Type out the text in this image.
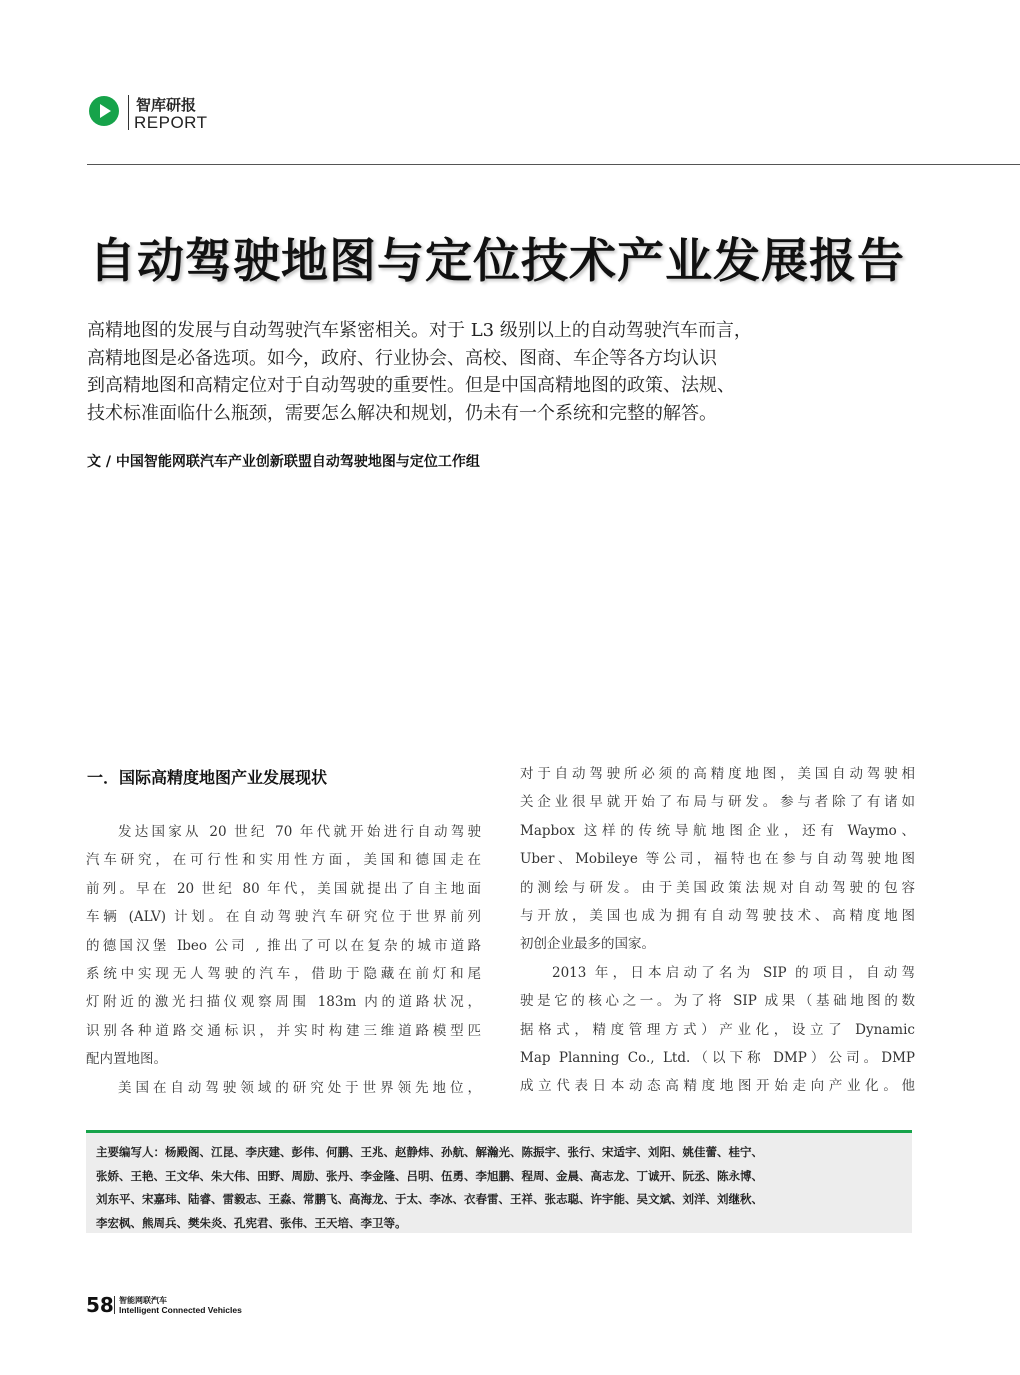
智库研报
REPORT
自动驾驶地图与定位技术产业发展报告
高精地图的发展与自动驾驶汽车紧密相关。对于 L3 级别以上的自动驾驶汽车而言，
高精地图是必备选项。如今，政府、行业协会、高校、图商、车企等各方均认识
到高精地图和高精定位对于自动驾驶的重要性。但是中国高精地图的政策、法规、
技术标准面临什么瓶颈，需要怎么解决和规划，仍未有一个系统和完整的解答。
文 / 中国智能网联汽车产业创新联盟自动驾驶地图与定位工作组
一．国际高精度地图产业发展现状
发达国家从 20 世纪 70 年代就开始进行自动驾驶
汽车研究，在可行性和实用性方面，美国和德国走在
前列。早在 20 世纪 80 年代，美国就提出了自主地面
车辆 (ALV) 计划。在自动驾驶汽车研究位于世界前列
的德国汉堡 Ibeo 公司 , 推出了可以在复杂的城市道路
系统中实现无人驾驶的汽车，借助于隐藏在前灯和尾
灯附近的激光扫描仪观察周围 183m 内的道路状况，
识别各种道路交通标识，并实时构建三维道路模型匹
配内置地图。
美国在自动驾驶领域的研究处于世界领先地位，
对于自动驾驶所必须的高精度地图，美国自动驾驶相
关企业很早就开始了布局与研发。参与者除了有诸如
Mapbox 这样的传统导航地图企业，还有 Waymo、
Uber、Mobileye 等公司，福特也在参与自动驾驶地图
的测绘与研发。由于美国政策法规对自动驾驶的包容
与开放，美国也成为拥有自动驾驶技术、高精度地图
初创企业最多的国家。
2013 年，日本启动了名为 SIP 的项目，自动驾
驶是它的核心之一。为了将 SIP 成果（基础地图的数
据格式，精度管理方式）产业化，设立了 Dynamic
Map Planning Co., Ltd.（以下称 DMP）公司。DMP
成立代表日本动态高精度地图开始走向产业化。他
主要编写人：杨殿阁、江昆、李庆建、彭伟、何鹏、王兆、赵静炜、孙航、解瀚光、陈振宇、张行、宋适宇、刘阳、姚佳蕾、桂宁、
张娇、王艳、王文华、朱大伟、田野、周励、张丹、李金隆、吕明、伍勇、李旭鹏、程周、金晨、高志龙、丁诚开、阮丞、陈永博、
刘东平、宋嘉玮、陆睿、雷毅志、王淼、常鹏飞、高海龙、于太、李冰、衣春雷、王祥、张志聪、许宇能、吴文斌、刘洋、刘继秋、
李宏枫、熊周兵、樊朱炎、孔宪君、张伟、王天培、李卫等。
58 智能网联汽车
Intelligent Connected Vehicles
